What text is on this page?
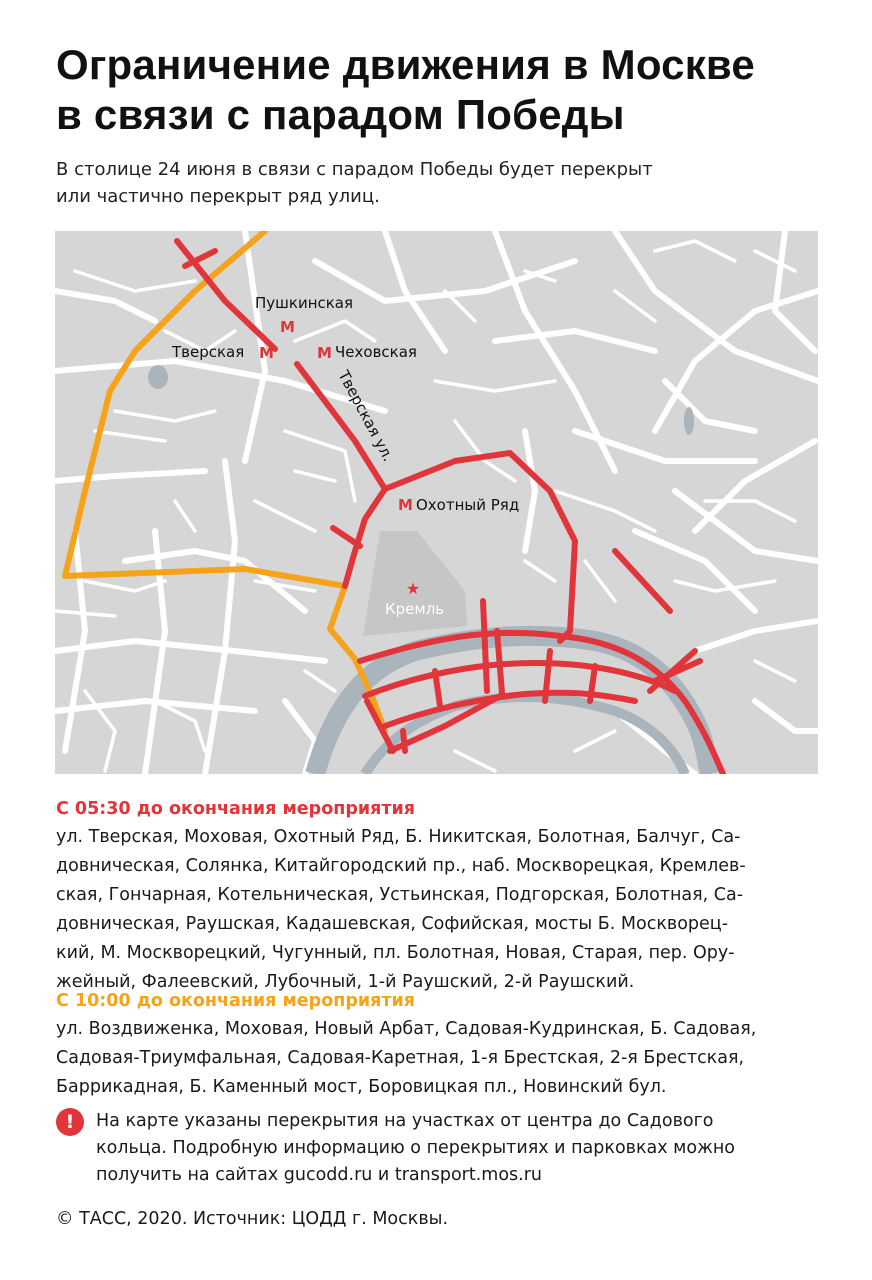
Ограничение движения в Москве
в связи с парадом Победы
В столице 24 июня в связи с парадом Победы будет перекрыт
или частично перекрыт ряд улиц.
★
Пушкинская
M
Тверская M	M Чеховская
Тверская ул.
M Охотный Ряд
Кремль
С 05:30 до окончания мероприятия
ул. Тверская, Моховая, Охотный Ряд, Б. Никитская, Болотная, Балчуг, Са-
довническая, Солянка, Китайгородский пр., наб. Москворецкая, Кремлев-
ская, Гончарная, Котельническая, Устьинская, Подгорская, Болотная, Са-
довническая, Раушская, Кадашевская, Софийская, мосты Б. Москворец-
кий, М. Москворецкий, Чугунный, пл. Болотная, Новая, Старая, пер. Ору-
жейный, Фалеевский, Лубочный, 1-й Раушский, 2-й Раушский.
С 10:00 до окончания мероприятия
ул. Воздвиженка, Моховая, Новый Арбат, Садовая-Кудринская, Б. Садовая,
Садовая-Триумфальная, Садовая-Каретная, 1-я Брестская, 2-я Брестская,
Баррикадная, Б. Каменный мост, Боровицкая пл., Новинский бул.
!	На карте указаны перекрытия на участках от центра до Садового
кольца. Подробную информацию о перекрытиях и парковках можно
получить на сайтах gucodd.ru и transport.mos.ru
© ТАСС, 2020. Источник: ЦОДД г. Москвы.
